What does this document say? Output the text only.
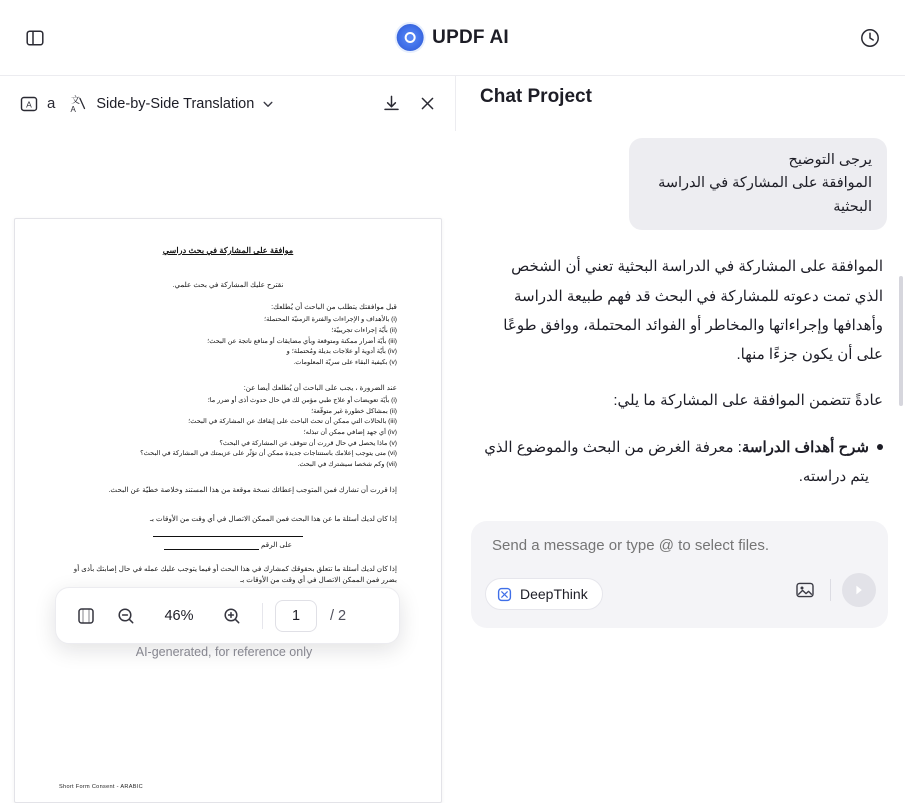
UPDF AI
A a 文
A Side-by-Side Translation
موافقة على المشاركة في بحث دراسي
نقترح عليك المشاركة في بحث علمي.
قبل موافقتك يتطلب من الباحث أن يُطلعك:
(i) بالأهداف و الإجراءات والفترة الزمنيّة المحتملة؛
(ii) بأيّة إجراءات تجريبيّة؛
(iii) بأيّة أضرار ممكنة ومتوقعة وبأي مضايقات أو منافع ناتجة عن البحث؛
(iv) بأيّة أدوية أو علاجات بديلة ومُحتملة؛ و
(v) بكيفية البقاء على سريّة المعلومات.
عند الضرورة ، يجب على الباحث أن يُطلعك أيضا عن:
(i) بأيّة تعويضات أو علاج طبي مؤمن لك في حال حدوث أذى أو ضرر ما؛
(ii) بمشاكل خطورة غير متوقّعة؛
(iii) بالحالات التي ممكن أن تحث الباحث على إيقافك عن المشاركة في البحث؛
(iv) أي جهد إضافي ممكن أن تبذله؛
(v) ماذا يحصل في حال قررت أن تتوقف عن المشاركة في البحث؟
(vi) متى يتوجب إعلامك باستنتاجات جديدة ممكن أن تؤثّر على عزيمتك في المشاركة في البحث؟
(vii) وكم شخصا سيشترك في البحث.
إذا قررت أن تشارك فمن المتوجب إعطائك نسخة موقعة من هذا المستند وخلاصة خطيّة عن البحث.
إذا كان لديك أسئلة ما عن هذا البحث فمن الممكن الاتصال في أي وقت من الأوقات بـ
على الرقم
إذا كان لديك أسئلة ما تتعلق بحقوقك كمشارك في هذا البحث أو فيما يتوجب عليك عمله في حال إصابتك بأذى أو بضرر فمن الممكن الاتصال في أي وقت من الأوقات بـ
Short Form Consent - ARABIC
46%
1	/ 2
Chat Project
يرجى التوضيح
الموافقة على المشاركة في الدراسة البحثية

الموافقة على المشاركة في الدراسة البحثية تعني أن الشخص الذي تمت دعوته للمشاركة في البحث قد فهم طبيعة الدراسة وأهدافها وإجراءاتها والمخاطر أو الفوائد المحتملة، ووافق طوعًا على أن يكون جزءًا منها.

عادةً تتضمن الموافقة على المشاركة ما يلي:

شرح أهداف الدراسة: معرفة الغرض من البحث والموضوع الذي يتم دراسته.
Send a message or type @ to select files.
DeepThink
AI-generated, for reference only
